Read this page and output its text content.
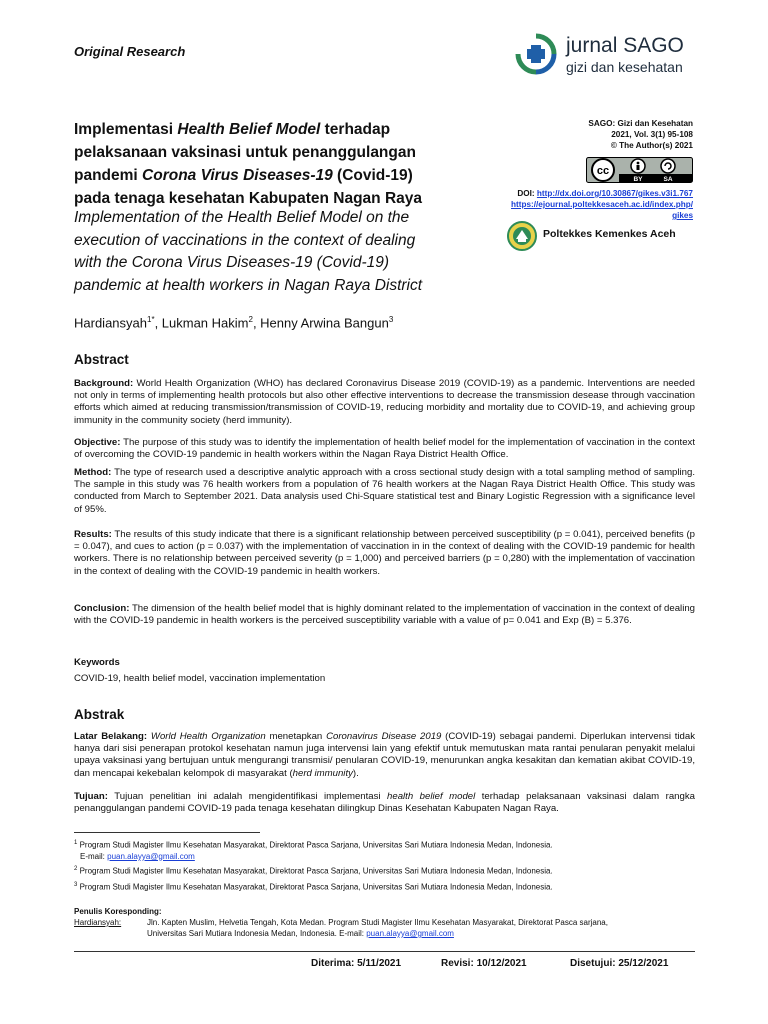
Original Research	jurnal SAGO
gizi dan kesehatan
Implementasi Health Belief Model terhadap
pelaksanaan vaksinasi untuk penanggulangan
pandemi Corona Virus Diseases-19 (Covid-19)
pada tenaga kesehatan Kabupaten Nagan Raya
Implementation of the Health Belief Model on the
execution of vaccinations in the context of dealing
with the Corona Virus Diseases-19 (Covid-19)
pandemic at health workers in Nagan Raya District
SAGO: Gizi dan Kesehatan
2021, Vol. 3(1) 95-108
© The Author(s) 2021
cc
BY	SA
DOI: http://dx.doi.org/10.30867/gikes.v3i1.767
https://ejournal.poltekkesaceh.ac.id/index.php/
gikes
Poltekkes Kemenkes Aceh
Hardiansyah$^{1*}$, Lukman Hakim$^2$, Henny Arwina Bangun$^3$
Abstract
Background: World Health Organization (WHO) has declared Coronavirus Disease 2019 (COVID-19) as a pandemic. Interventions are needed not only in terms of implementing health protocols but also other effective interventions to decrease the transmission desease through vaccination efforts which aimed at reducing transmission/transmission of COVID-19, reducing morbidity and mortality due to COVID-19, and achieving group immunity in the community society (herd immunity).
Objective: The purpose of this study was to identify the implementation of health belief model for the implementation of vaccination in the context of overcoming the COVID-19 pandemic in health workers within the Nagan Raya District Health Office.
Method: The type of research used a descriptive analytic approach with a cross sectional study design with a total sampling method of sampling. The sample in this study was 76 health workers from a population of 76 health workers at the Nagan Raya District Health Office. This study was conducted from March to September 2021. Data analysis used Chi-Square statistical test and Binary Logistic Regression with a significance level of 95%.
Results: The results of this study indicate that there is a significant relationship between perceived susceptibility (p = 0.041), perceived benefits (p = 0.047), and cues to action (p = 0.037) with the implementation of vaccination in in the context of dealing with the COVID-19 pandemic for health workers. There is no relationship between perceived severity (p = 1,000) and perceived barriers (p = 0,280) with the implementation of vaccination in the context of dealing with the COVID-19 pandemic in health workers.
Conclusion: The dimension of the health belief model that is highly dominant related to the implementation of vaccination in the context of dealing with the COVID-19 pandemic in health workers is the perceived susceptibility variable with a value of p= 0.041 and Exp (B) = 5.376.
Keywords
COVID-19, health belief model, vaccination implementation
Abstrak
Latar Belakang: World Health Organization menetapkan Coronavirus Disease 2019 (COVID-19) sebagai pandemi. Diperlukan intervensi tidak hanya dari sisi penerapan protokol kesehatan namun juga intervensi lain yang efektif untuk memutuskan mata rantai penularan penyakit melalui upaya vaksinasi yang bertujuan untuk mengurangi transmisi/ penularan COVID-19, menurunkan angka kesakitan dan kematian akibat COVID-19, dan mencapai kekebalan kelompok di masyarakat (herd immunity).
Tujuan: Tujuan penelitian ini adalah mengidentifikasi implementasi health belief model terhadap pelaksanaan vaksinasi dalam rangka penanggulangan pandemi COVID-19 pada tenaga kesehatan dilingkup Dinas Kesehatan Kabupaten Nagan Raya.
$^1$ Program Studi Magister Ilmu Kesehatan Masyarakat, Direktorat Pasca Sarjana, Universitas Sari Mutiara Indonesia Medan, Indonesia.
E-mail: puan.alayya@gmail.com
$^2$ Program Studi Magister Ilmu Kesehatan Masyarakat, Direktorat Pasca Sarjana, Universitas Sari Mutiara Indonesia Medan, Indonesia.
$^3$ Program Studi Magister Ilmu Kesehatan Masyarakat, Direktorat Pasca Sarjana, Universitas Sari Mutiara Indonesia Medan, Indonesia.
Penulis Koresponding:
Hardiansyah:	Jln. Kapten Muslim, Helvetia Tengah, Kota Medan. Program Studi Magister Ilmu Kesehatan Masyarakat, Direktorat Pasca sarjana,
Universitas Sari Mutiara Indonesia Medan, Indonesia. E-mail: puan.alayya@gmail.com
Diterima: 5/11/2021	Revisi: 10/12/2021	Disetujui: 25/12/2021
